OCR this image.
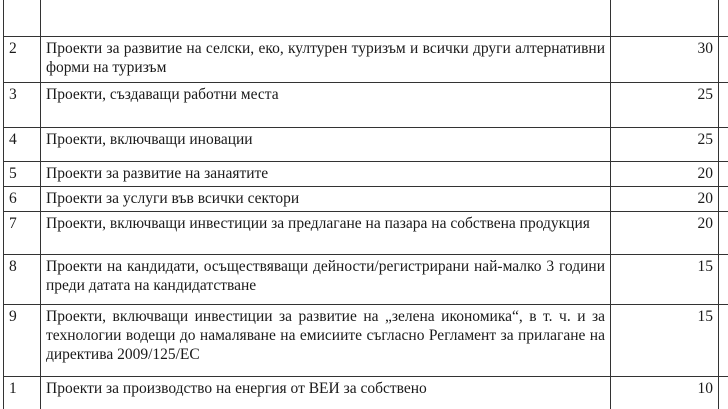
2	Проекти за развитие на селски, еко, културен туризъм и всички други алтернативни форми на туризъм	30	
3	Проекти, създаващи работни места	25	
4	Проекти, включващи иновации	25	
5	Проекти за развитие на занаятите	20	
6	Проекти за услуги във всички сектори	20	
7	Проекти, включващи инвестиции за предлагане на пазара на собствена продукция	20	
8	Проекти на кандидати, осъществяващи дейности/регистрирани най-малко 3 години преди датата на кандидатстване	15	
9	Проекти, включващи инвестиции за развитие на „зелена икономика“, в т. ч. и за технологии водещи до намаляване на емисиите съгласно Регламент за прилагане на директива 2009/125/ЕС	15	
1	Проекти за производство на енергия от ВЕИ за собствено	10	
